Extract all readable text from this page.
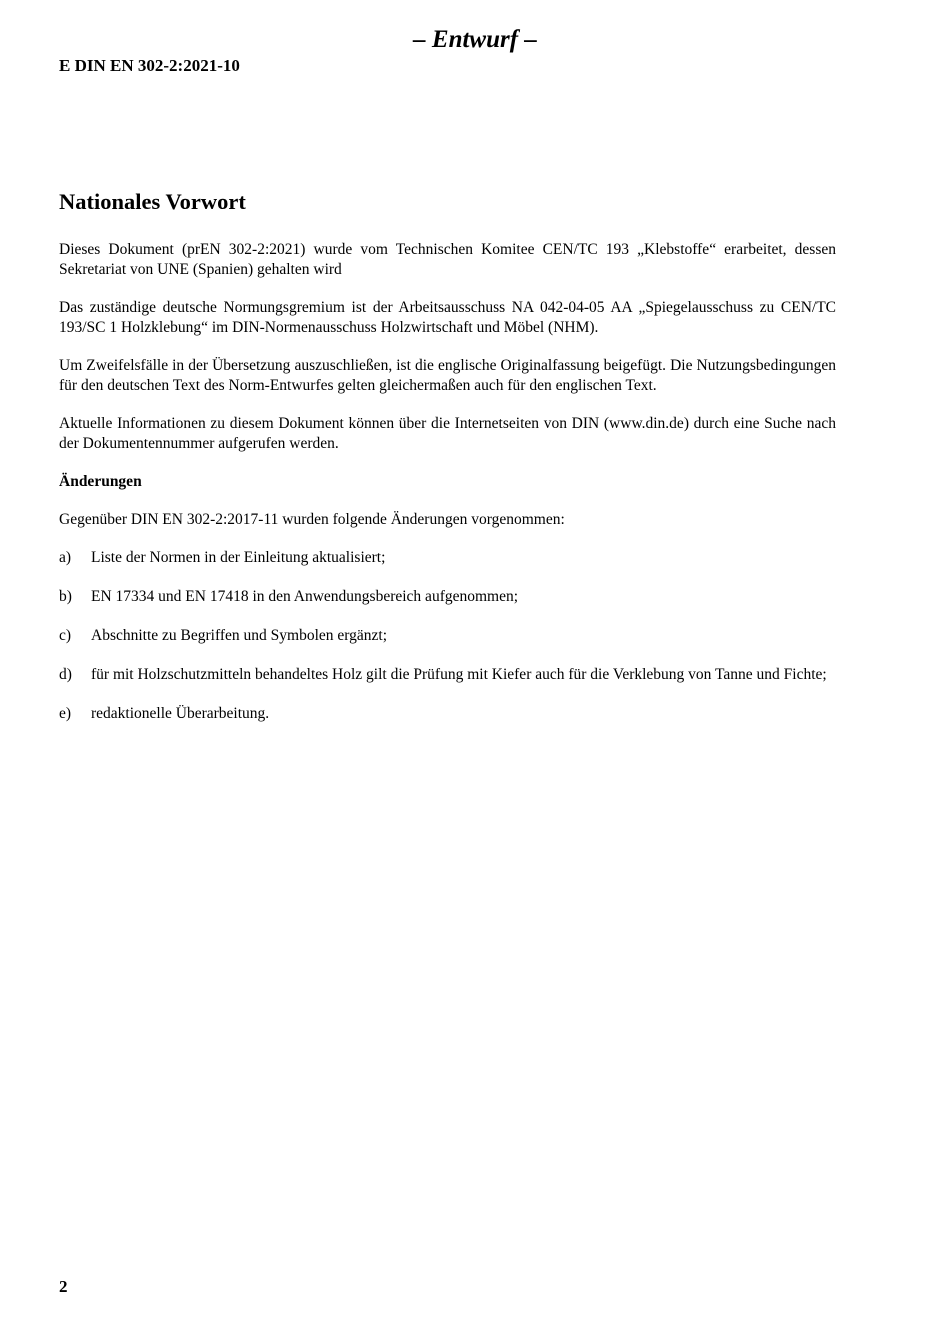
– Entwurf –
E DIN EN 302-2:2021-10
Nationales Vorwort

Dieses Dokument (prEN 302-2:2021) wurde vom Technischen Komitee CEN/TC 193 „Klebstoffe“ erarbeitet, dessen Sekretariat von UNE (Spanien) gehalten wird

Das zuständige deutsche Normungsgremium ist der Arbeitsausschuss NA 042-04-05 AA „Spiegelausschuss zu CEN/TC 193/SC 1 Holzklebung“ im DIN-Normenausschuss Holzwirtschaft und Möbel (NHM).

Um Zweifelsfälle in der Übersetzung auszuschließen, ist die englische Originalfassung beigefügt. Die Nutzungsbedingungen für den deutschen Text des Norm-Entwurfes gelten gleichermaßen auch für den englischen Text.

Aktuelle Informationen zu diesem Dokument können über die Internetseiten von DIN (www.din.de) durch eine Suche nach der Dokumentennummer aufgerufen werden.

Änderungen

Gegenüber DIN EN 302-2:2017-11 wurden folgende Änderungen vorgenommen:

a)	Liste der Normen in der Einleitung aktualisiert;
b)	EN 17334 und EN 17418 in den Anwendungsbereich aufgenommen;
c)	Abschnitte zu Begriffen und Symbolen ergänzt;
d)	für mit Holzschutzmitteln behandeltes Holz gilt die Prüfung mit Kiefer auch für die Verklebung von Tanne und Fichte;
e)	redaktionelle Überarbeitung.
2
